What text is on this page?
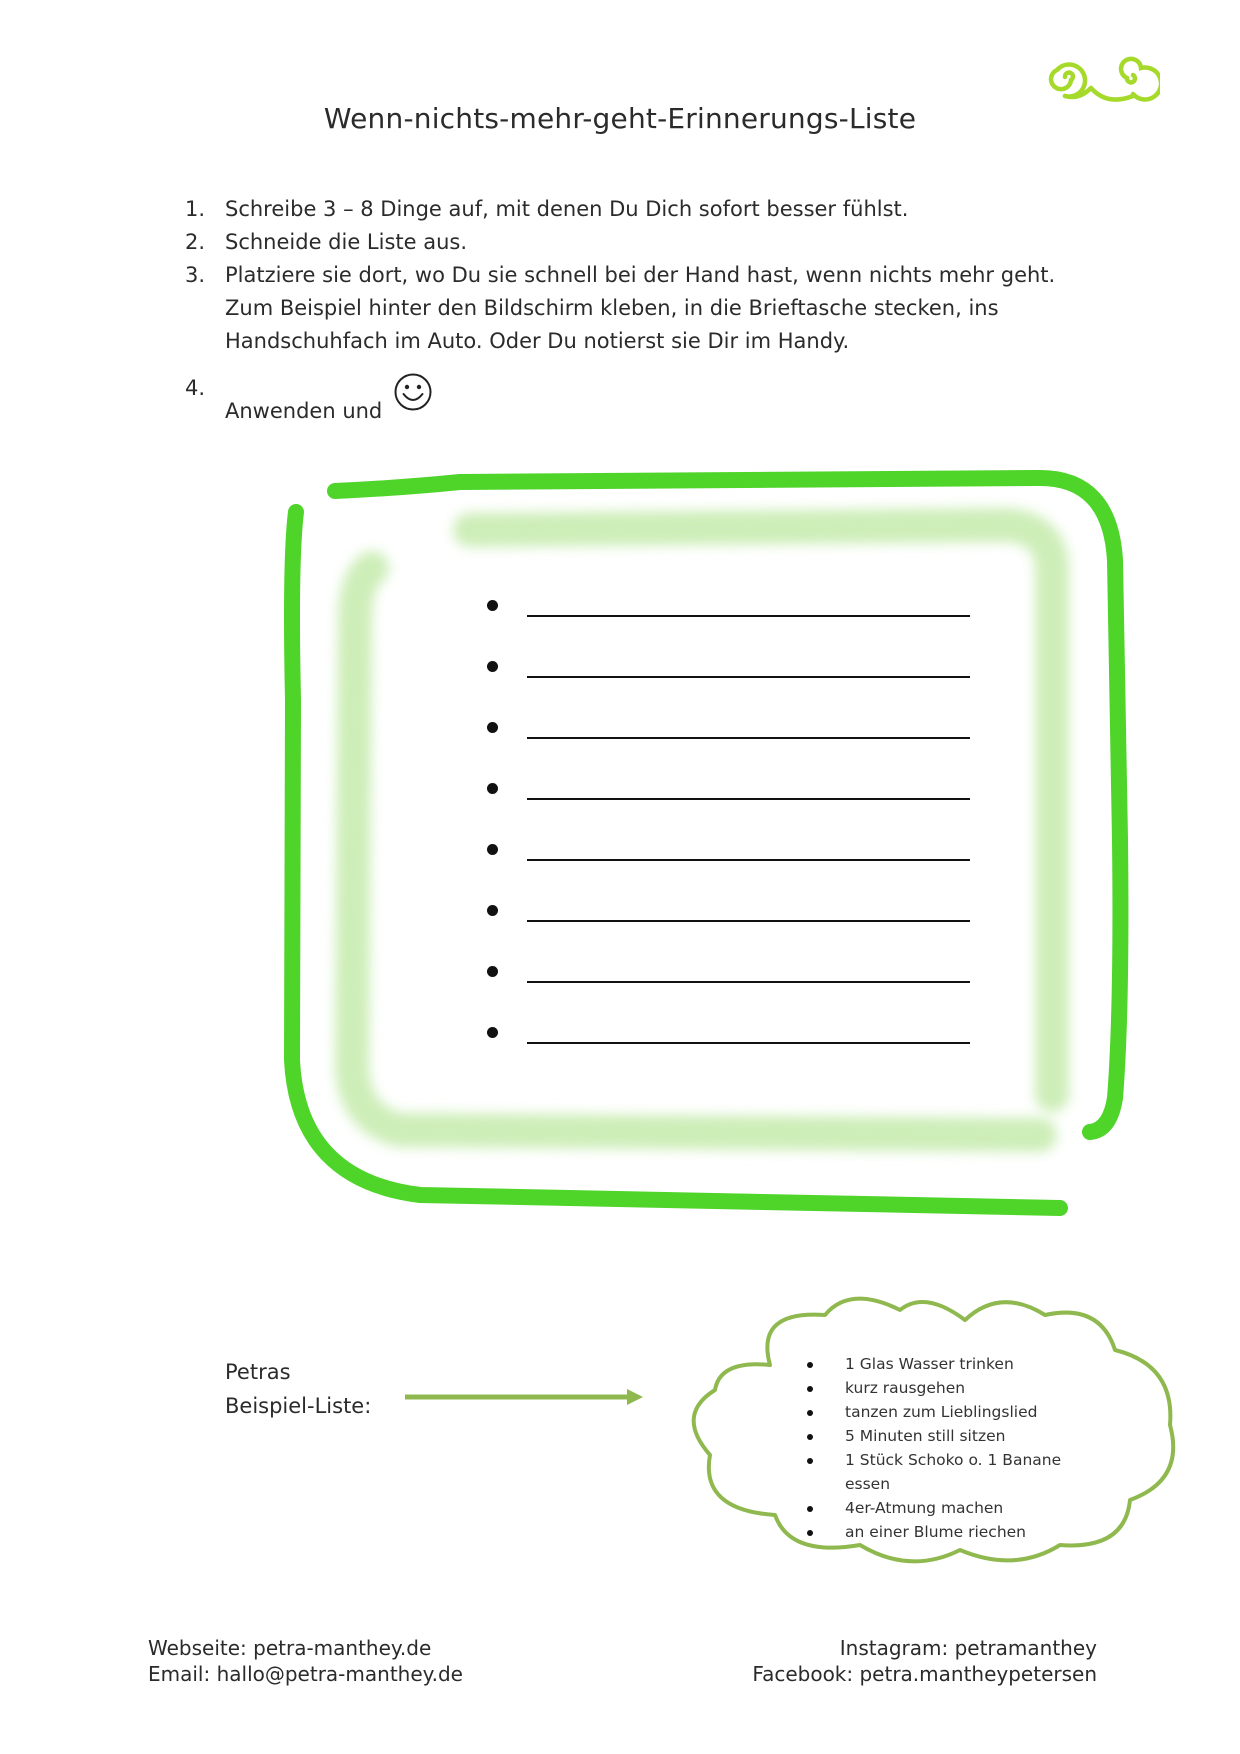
Wenn-nichts-mehr-geht-Erinnerungs-Liste
1. Schreibe 3 – 8 Dinge auf, mit denen Du Dich sofort besser fühlst.
2. Schneide die Liste aus.
3. Platziere sie dort, wo Du sie schnell bei der Hand hast, wenn nichts mehr geht.
Zum Beispiel hinter den Bildschirm kleben, in die Brieftasche stecken, ins
Handschuhfach im Auto. Oder Du notierst sie Dir im Handy.
4.
Anwenden und
Petras
Beispiel-Liste:
1 Glas Wasser trinken
kurz rausgehen
tanzen zum Lieblingslied
5 Minuten still sitzen
1 Stück Schoko o. 1 Banane essen
4er-Atmung machen
an einer Blume riechen
Webseite: petra-manthey.de
Email: hallo@petra-manthey.de
Instagram: petramanthey
Facebook: petra.mantheypetersen
